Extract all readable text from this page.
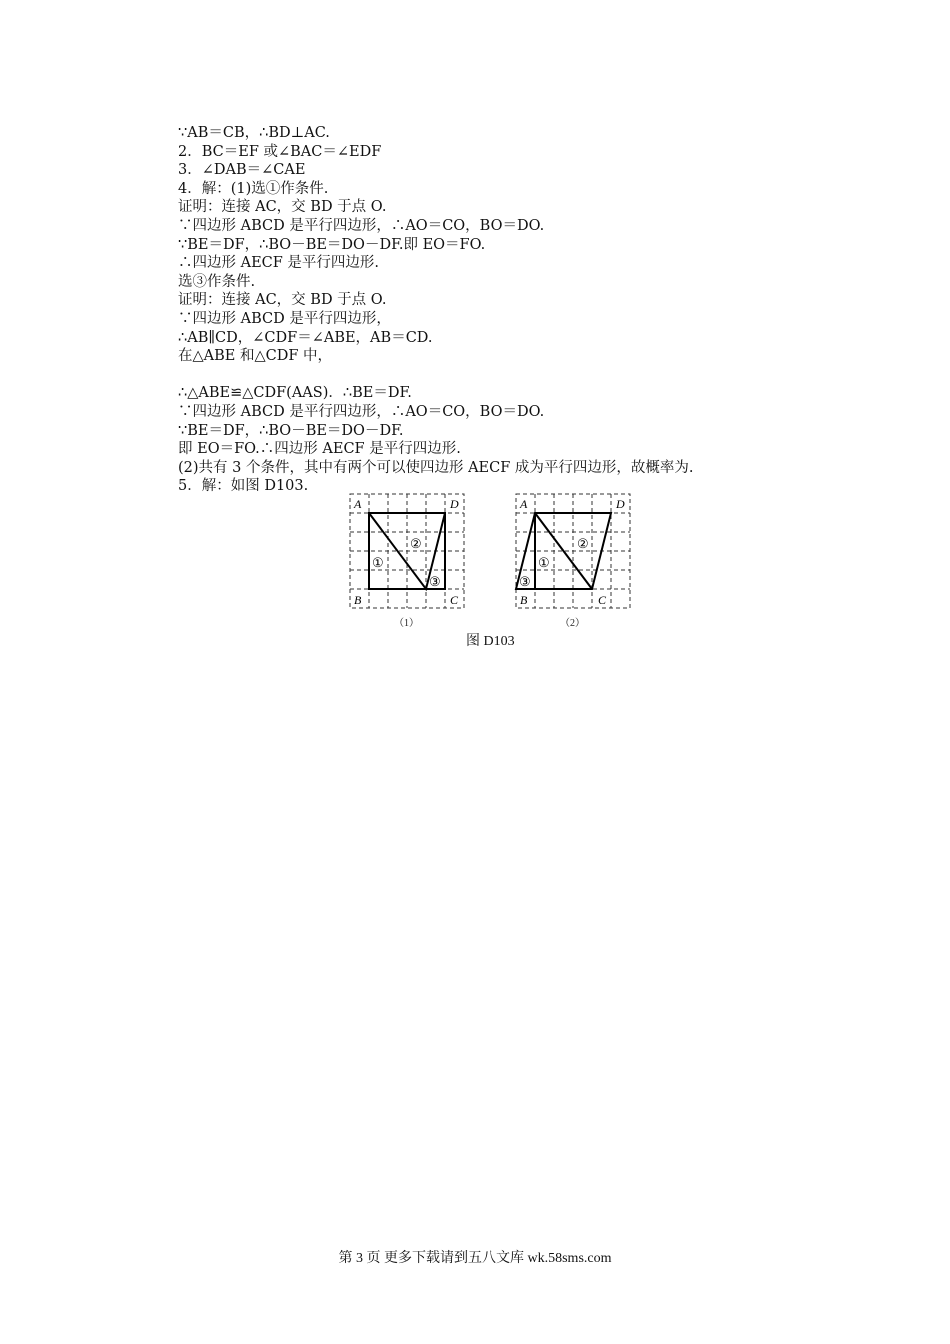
∵AB＝CB，∴BD⊥AC.
2．BC＝EF 或∠BAC＝∠EDF
3．∠DAB＝∠CAE
4．解：(1)选①作条件.
证明：连接 AC，交 BD 于点 O.
∵四边形 ABCD 是平行四边形，∴AO＝CO，BO＝DO.
∵BE＝DF，∴BO－BE＝DO－DF.即 EO＝FO.
∴四边形 AECF 是平行四边形.
选③作条件.
证明：连接 AC，交 BD 于点 O.
∵四边形 ABCD 是平行四边形，
∴AB∥CD，∠CDF＝∠ABE，AB＝CD.
在△ABE 和△CDF 中，
∴△ABE≌△CDF(AAS)．∴BE＝DF.
∵四边形 ABCD 是平行四边形，∴AO＝CO，BO＝DO.
∵BE＝DF，∴BO－BE＝DO－DF.
即 EO＝FO.∴四边形 AECF 是平行四边形.
(2)共有 3 个条件，其中有两个可以使四边形 AECF 成为平行四边形，故概率为.
5．解：如图 D103.
A	D
B	C
①
②
③
（1）
A	D
B	C
①
②
③
（2）
图 D103
第 3 页 更多下载请到五八文库 wk.58sms.com
